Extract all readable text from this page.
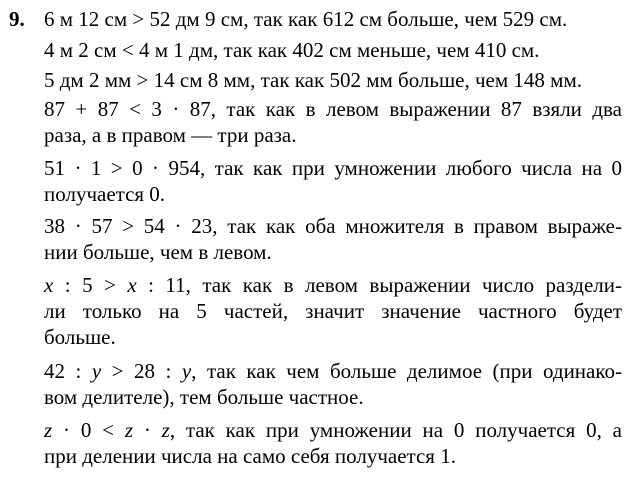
9. 6 м 12 см > 52 дм 9 см, так как 612 см больше, чем 529 см.
4 м 2 см < 4 м 1 дм, так как 402 см меньше, чем 410 см.
5 дм 2 мм > 14 см 8 мм, так как 502 мм больше, чем 148 мм.
87 + 87 < 3 · 87, так как в левом выражении 87 взяли два
раза, а в правом — три раза.
51 · 1 > 0 · 954, так как при умножении любого числа на 0
получается 0.
38 · 57 > 54 · 23, так как оба множителя в правом выраже-
нии больше, чем в левом.
x : 5 > x : 11, так как в левом выражении число раздели-
ли только на 5 частей, значит значение частного будет
больше.
42 : y > 28 : y, так как чем больше делимое (при одинако-
вом делителе), тем больше частное.
z · 0 < z · z, так как при умножении на 0 получается 0, а
при делении числа на само себя получается 1.
